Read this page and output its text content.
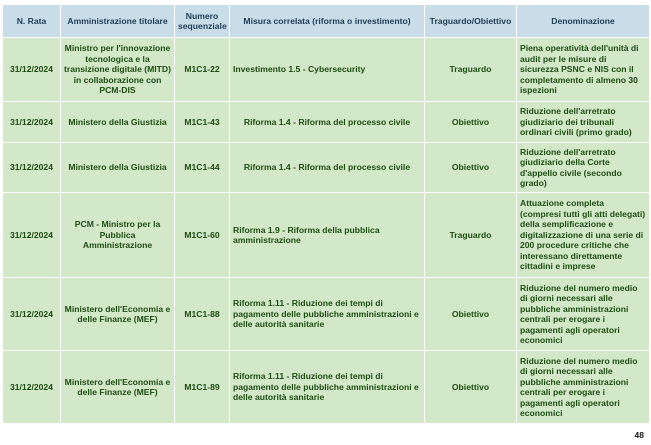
N. Rata	Amministrazione titolare	Numero sequenziale	Misura correlata (riforma o investimento)	Traguardo/Obiettivo	Denominazione
31/12/2024	Ministro per l'innovazione tecnologica e la transizione digitale (MITD) in collaborazione con PCM-DIS	M1C1-22	Investimento 1.5 - Cybersecurity	Traguardo	Piena operatività dell'unità di audit per le misure di sicurezza PSNC e NIS con il completamento di almeno 30 ispezioni
31/12/2024	Ministero della Giustizia	M1C1-43	Riforma 1.4 - Riforma del processo civile	Obiettivo	Riduzione dell'arretrato giudiziario dei tribunali ordinari civili (primo grado)
31/12/2024	Ministero della Giustizia	M1C1-44	Riforma 1.4 - Riforma del processo civile	Obiettivo	Riduzione dell'arretrato giudiziario della Corte d'appello civile (secondo grado)
31/12/2024	PCM - Ministro per la Pubblica Amministrazione	M1C1-60	Riforma 1.9 - Riforma della pubblica amministrazione	Traguardo	Attuazione completa (compresi tutti gli atti delegati) della semplificazione e digitalizzazione di una serie di 200 procedure critiche che interessano direttamente cittadini e imprese
31/12/2024	Ministero dell'Economia e delle Finanze (MEF)	M1C1-88	Riforma 1.11 - Riduzione dei tempi di pagamento delle pubbliche amministrazioni e delle autorità sanitarie	Obiettivo	Riduzione del numero medio di giorni necessari alle pubbliche amministrazioni centrali per erogare i pagamenti agli operatori economici
31/12/2024	Ministero dell'Economia e delle Finanze (MEF)	M1C1-89	Riforma 1.11 - Riduzione dei tempi di pagamento delle pubbliche amministrazioni e delle autorità sanitarie	Obiettivo	Riduzione del numero medio di giorni necessari alle pubbliche amministrazioni centrali per erogare i pagamenti agli operatori economici
48
